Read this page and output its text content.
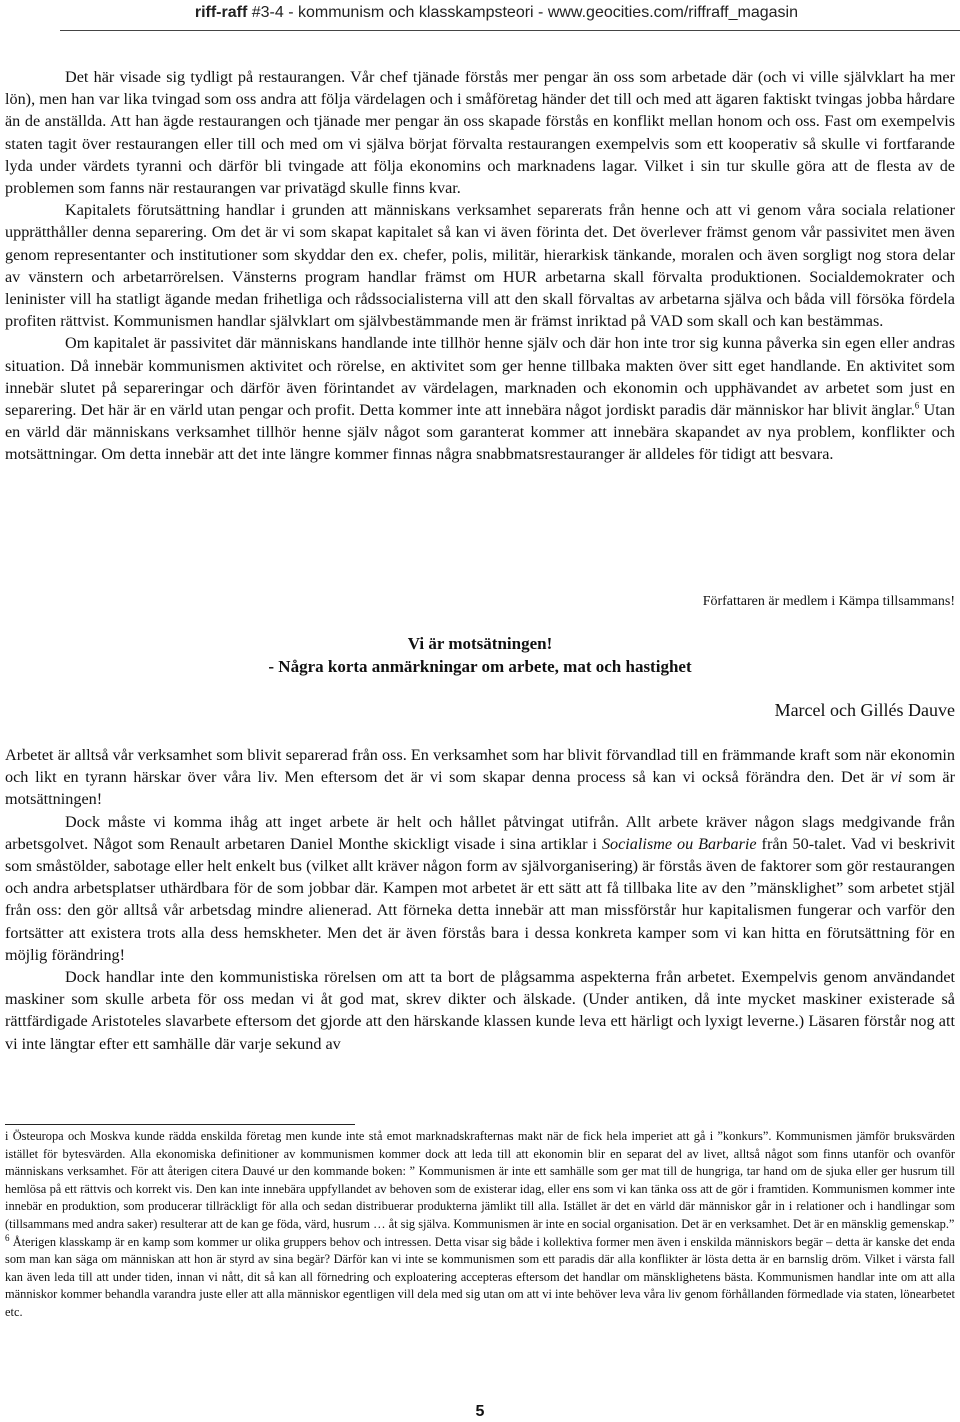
riff-raff #3-4 - kommunism och klasskampsteori - www.geocities.com/riffraff_magasin

Det här visade sig tydligt på restaurangen. Vår chef tjänade förstås mer pengar än oss som arbetade där (och vi ville självklart ha mer lön), men han var lika tvingad som oss andra att följa värdelagen och i småföretag händer det till och med att ägaren faktiskt tvingas jobba hårdare än de anställda. Att han ägde restaurangen och tjänade mer pengar än oss skapade förstås en konflikt mellan honom och oss. Fast om exempelvis staten tagit över restaurangen eller till och med om vi själva börjat förvalta restaurangen exempelvis som ett kooperativ så skulle vi fortfarande lyda under värdets tyranni och därför bli tvingade att följa ekonomins och marknadens lagar. Vilket i sin tur skulle göra att de flesta av de problemen som fanns när restaurangen var privatägd skulle finns kvar.

Kapitalets förutsättning handlar i grunden att människans verksamhet separerats från henne och att vi genom våra sociala relationer upprätthåller denna separering. Om det är vi som skapat kapitalet så kan vi även förinta det. Det överlever främst genom vår passivitet men även genom representanter och institutioner som skyddar den ex. chefer, polis, militär, hierarkisk tänkande, moralen och även sorgligt nog stora delar av vänstern och arbetarrörelsen. Vänsterns program handlar främst om HUR arbetarna skall förvalta produktionen. Socialdemokrater och leninister vill ha statligt ägande medan frihetliga och rådssocialisterna vill att den skall förvaltas av arbetarna själva och båda vill försöka fördela profiten rättvist. Kommunismen handlar självklart om självbestämmande men är främst inriktad på VAD som skall och kan bestämmas.

Om kapitalet är passivitet där människans handlande inte tillhör henne själv och där hon inte tror sig kunna påverka sin egen eller andras situation. Då innebär kommunismen aktivitet och rörelse, en aktivitet som ger henne tillbaka makten över sitt eget handlande. En aktivitet som innebär slutet på separeringar och därför även förintandet av värdelagen, marknaden och ekonomin och upphävandet av arbetet som just en separering. Det här är en värld utan pengar och profit. Detta kommer inte att innebära något jordiskt paradis där människor har blivit änglar.$^6$ Utan en värld där människans verksamhet tillhör henne själv något som garanterat kommer att innebära skapandet av nya problem, konflikter och motsättningar. Om detta innebär att det inte längre kommer finnas några snabbmatsrestauranger är alldeles för tidigt att besvara.

Författaren är medlem i Kämpa tillsammans!
Vi är motsätningen!
- Några korta anmärkningar om arbete, mat och hastighet
Marcel och Gillés Dauve

Arbetet är alltså vår verksamhet som blivit separerad från oss. En verksamhet som har blivit förvandlad till en främmande kraft som när ekonomin och likt en tyrann härskar över våra liv. Men eftersom det är vi som skapar denna process så kan vi också förändra den. Det är vi som är motsättningen!

Dock måste vi komma ihåg att inget arbete är helt och hållet påtvingat utifrån. Allt arbete kräver någon slags medgivande från arbetsgolvet. Något som Renault arbetaren Daniel Monthe skickligt visade i sina artiklar i Socialisme ou Barbarie från 50-talet. Vad vi beskrivit som småstölder, sabotage eller helt enkelt bus (vilket allt kräver någon form av självorganisering) är förstås även de faktorer som gör restaurangen och andra arbetsplatser uthärdbara för de som jobbar där. Kampen mot arbetet är ett sätt att få tillbaka lite av den ”mänsklighet” som arbetet stjäl från oss: den gör alltså vår arbetsdag mindre alienerad. Att förneka detta innebär att man missförstår hur kapitalismen fungerar och varför den fortsätter att existera trots alla dess hemskheter. Men det är även förstås bara i dessa konkreta kamper som vi kan hitta en förutsättning för en möjlig förändring!

Dock handlar inte den kommunistiska rörelsen om att ta bort de plågsamma aspekterna från arbetet. Exempelvis genom användandet maskiner som skulle arbeta för oss medan vi åt god mat, skrev dikter och älskade. (Under antiken, då inte mycket maskiner existerade så rättfärdigade Aristoteles slavarbete eftersom det gjorde att den härskande klassen kunde leva ett härligt och lyxigt leverne.) Läsaren förstår nog att vi inte längtar efter ett samhälle där varje sekund av

i Östeuropa och Moskva kunde rädda enskilda företag men kunde inte stå emot marknadskrafternas makt när de fick hela imperiet att gå i ”konkurs”. Kommunismen jämför bruksvärden istället för bytesvärden. Alla ekonomiska definitioner av kommunismen kommer dock att leda till att ekonomin blir en separat del av livet, alltså något som finns utanför och ovanför människans verksamhet. För att återigen citera Dauvé ur den kommande boken: ” Kommunismen är inte ett samhälle som ger mat till de hungriga, tar hand om de sjuka eller ger husrum till hemlösa på ett rättvis och korrekt vis. Den kan inte innebära uppfyllandet av behoven som de existerar idag, eller ens som vi kan tänka oss att de gör i framtiden. Kommunismen kommer inte innebär en produktion, som producerar tillräckligt för alla och sedan distribuerar produkterna jämlikt till alla. Istället är det en värld där människor går in i relationer och i handlingar som (tillsammans med andra saker) resulterar att de kan ge föda, värd, husrum … åt sig själva. Kommunismen är inte en social organisation. Det är en verksamhet. Det är en mänsklig gemenskap.”

$^6$ Återigen klasskamp är en kamp som kommer ur olika gruppers behov och intressen. Detta visar sig både i kollektiva former men även i enskilda människors begär – detta är kanske det enda som man kan säga om människan att hon är styrd av sina begär? Därför kan vi inte se kommunismen som ett paradis där alla konflikter är lösta detta är en barnslig dröm. Vilket i värsta fall kan även leda till att under tiden, innan vi nått, dit så kan all förnedring och exploatering accepteras eftersom det handlar om mänsklighetens bästa. Kommunismen handlar inte om att alla människor kommer behandla varandra juste eller att alla människor egentligen vill dela med sig utan om att vi inte behöver leva våra liv genom förhållanden förmedlade via staten, lönearbetet etc.

5
